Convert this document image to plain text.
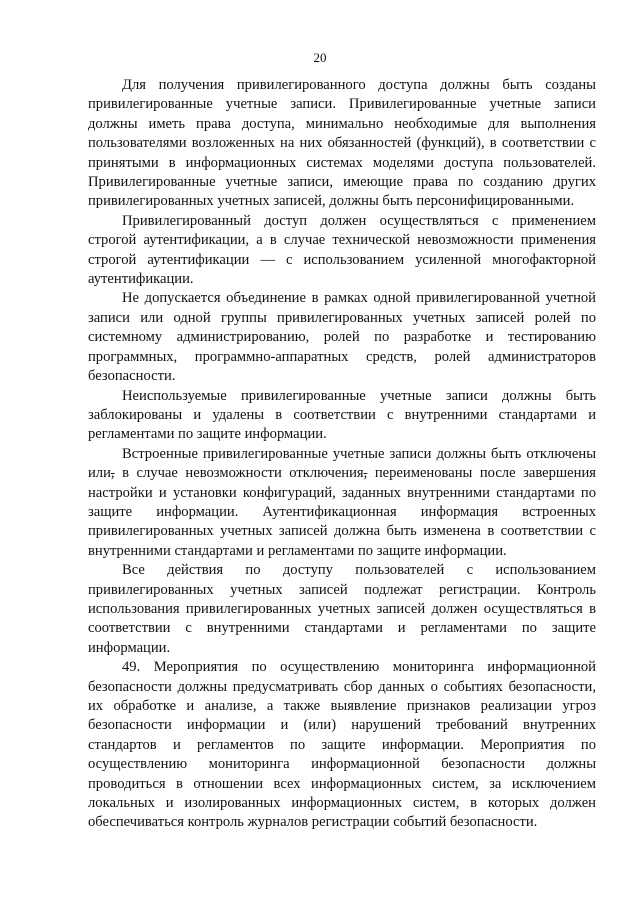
20

Для получения привилегированного доступа должны быть созданы привилегированные учетные записи. Привилегированные учетные записи должны иметь права доступа, минимально необходимые для выполнения пользователями возложенных на них обязанностей (функций), в соответствии с принятыми в информационных системах моделями доступа пользователей. Привилегированные учетные записи, имеющие права по созданию других привилегированных учетных записей, должны быть персонифицированными.

Привилегированный доступ должен осуществляться с применением строгой аутентификации, а в случае технической невозможности применения строгой аутентификации — с использованием усиленной многофакторной аутентификации.

Не допускается объединение в рамках одной привилегированной учетной записи или одной группы привилегированных учетных записей ролей по системному администрированию, ролей по разработке и тестированию программных, программно-аппаратных средств, ролей администраторов безопасности.

Неиспользуемые привилегированные учетные записи должны быть заблокированы и удалены в соответствии с внутренними стандартами и регламентами по защите информации.

Встроенные привилегированные учетные записи должны быть отключены или, в случае невозможности отключения, переименованы после завершения настройки и установки конфигураций, заданных внутренними стандартами по защите информации. Аутентификационная информация встроенных привилегированных учетных записей должна быть изменена в соответствии с внутренними стандартами и регламентами по защите информации.

Все действия по доступу пользователей с использованием привилегированных учетных записей подлежат регистрации. Контроль использования привилегированных учетных записей должен осуществляться в соответствии с внутренними стандартами и регламентами по защите информации.

49. Мероприятия по осуществлению мониторинга информационной безопасности должны предусматривать сбор данных о событиях безопасности, их обработке и анализе, а также выявление признаков реализации угроз безопасности информации и (или) нарушений требований внутренних стандартов и регламентов по защите информации. Мероприятия по осуществлению мониторинга информационной безопасности должны проводиться в отношении всех информационных систем, за исключением локальных и изолированных информационных систем, в которых должен обеспечиваться контроль журналов регистрации событий безопасности.
